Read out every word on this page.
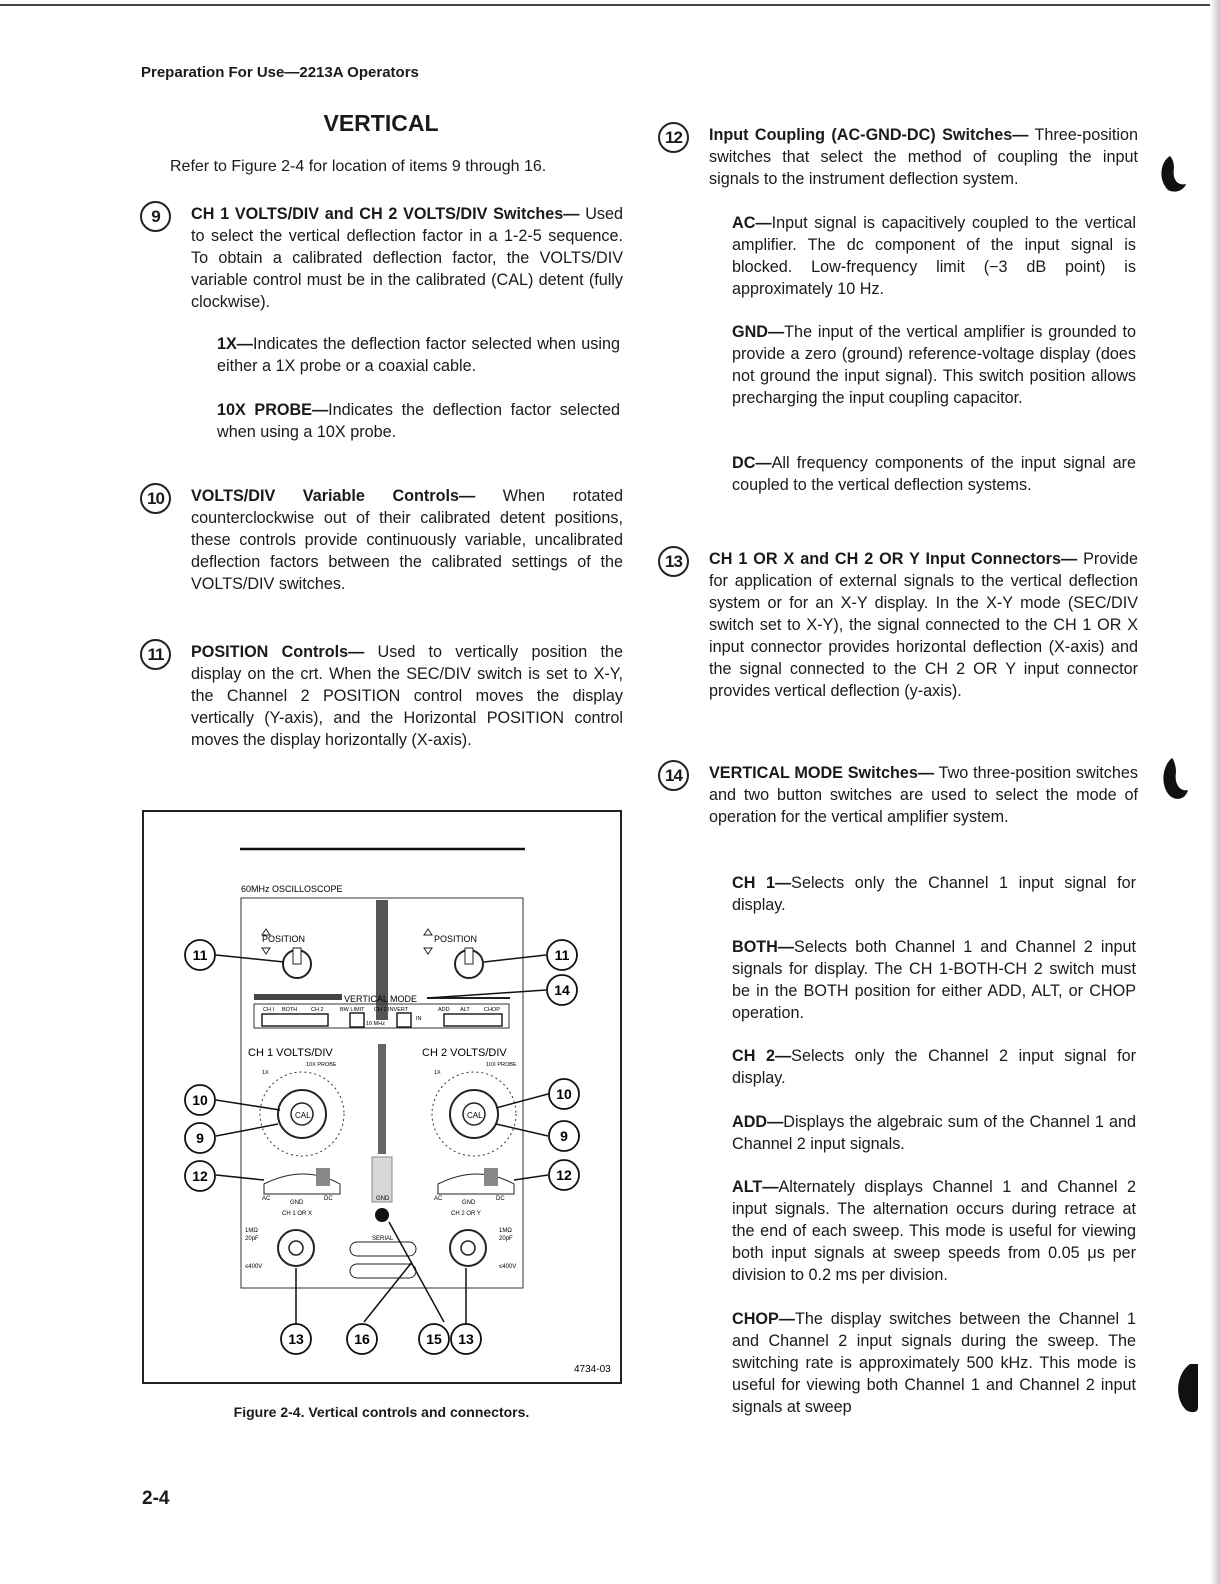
Preparation For Use—2213A Operators
VERTICAL
Refer to Figure 2-4 for location of items 9 through 16.
9	CH 1 VOLTS/DIV and CH 2 VOLTS/DIV Switches— Used to select the vertical deflection factor in a 1-2-5 sequence. To obtain a calibrated deflection factor, the VOLTS/DIV variable control must be in the calibrated (CAL) detent (fully clockwise).
1X—Indicates the deflection factor selected when using either a 1X probe or a coaxial cable.
10X PROBE—Indicates the deflection factor selected when using a 10X probe.
10	VOLTS/DIV Variable Controls— When rotated counterclockwise out of their calibrated detent positions, these controls provide continuously variable, uncalibrated deflection factors between the calibrated settings of the VOLTS/DIV switches.
11	POSITION Controls— Used to vertically position the display on the crt. When the SEC/DIV switch is set to X-Y, the Channel 2 POSITION control moves the display vertically (Y-axis), and the Horizontal POSITION control moves the display horizontally (X-axis).
60MHz OSCILLOSCOPE
POSITION	POSITION
VERTICAL MODE
CH I BOTH CH 2	BW LIMIT CH 2 INVERT	ADD ALT	CHOP
10 MHz
IN
CH 1 VOLTS/DIV	CH 2 VOLTS/DIV
10X PROBE	10X PROBE
1X	1X
CAL	CAL
AC
GND
DC	AC
GND
DC
GND
CH 1 OR X	CH 2 OR Y
SERIAL
1MΩ
20pF
≤400V
1MΩ
20pF
≤400V
11
10
9
12
11
14
10
9
12
13	16	15 13
4734-03
Figure 2-4. Vertical controls and connectors.
12	Input Coupling (AC-GND-DC) Switches— Three-position switches that select the method of coupling the input signals to the instrument deflection system.
AC—Input signal is capacitively coupled to the vertical amplifier. The dc component of the input signal is blocked. Low-frequency limit (−3 dB point) is approximately 10 Hz.
GND—The input of the vertical amplifier is grounded to provide a zero (ground) reference-voltage display (does not ground the input signal). This switch position allows precharging the input coupling capacitor.
DC—All frequency components of the input signal are coupled to the vertical deflection systems.
13	CH 1 OR X and CH 2 OR Y Input Connectors— Provide for application of external signals to the vertical deflection system or for an X-Y display. In the X-Y mode (SEC/DIV switch set to X-Y), the signal connected to the CH 1 OR X input connector provides horizontal deflection (X-axis) and the signal connected to the CH 2 OR Y input connector provides vertical deflection (y-axis).
14	VERTICAL MODE Switches— Two three-position switches and two button switches are used to select the mode of operation for the vertical amplifier system.
CH 1—Selects only the Channel 1 input signal for display.
BOTH—Selects both Channel 1 and Channel 2 input signals for display. The CH 1-BOTH-CH 2 switch must be in the BOTH position for either ADD, ALT, or CHOP operation.
CH 2—Selects only the Channel 2 input signal for display.
ADD—Displays the algebraic sum of the Channel 1 and Channel 2 input signals.
ALT—Alternately displays Channel 1 and Channel 2 input signals. The alternation occurs during retrace at the end of each sweep. This mode is useful for viewing both input signals at sweep speeds from 0.05 μs per division to 0.2 ms per division.
CHOP—The display switches between the Channel 1 and Channel 2 input signals during the sweep. The switching rate is approximately 500 kHz. This mode is useful for viewing both Channel 1 and Channel 2 input signals at sweep
2-4
